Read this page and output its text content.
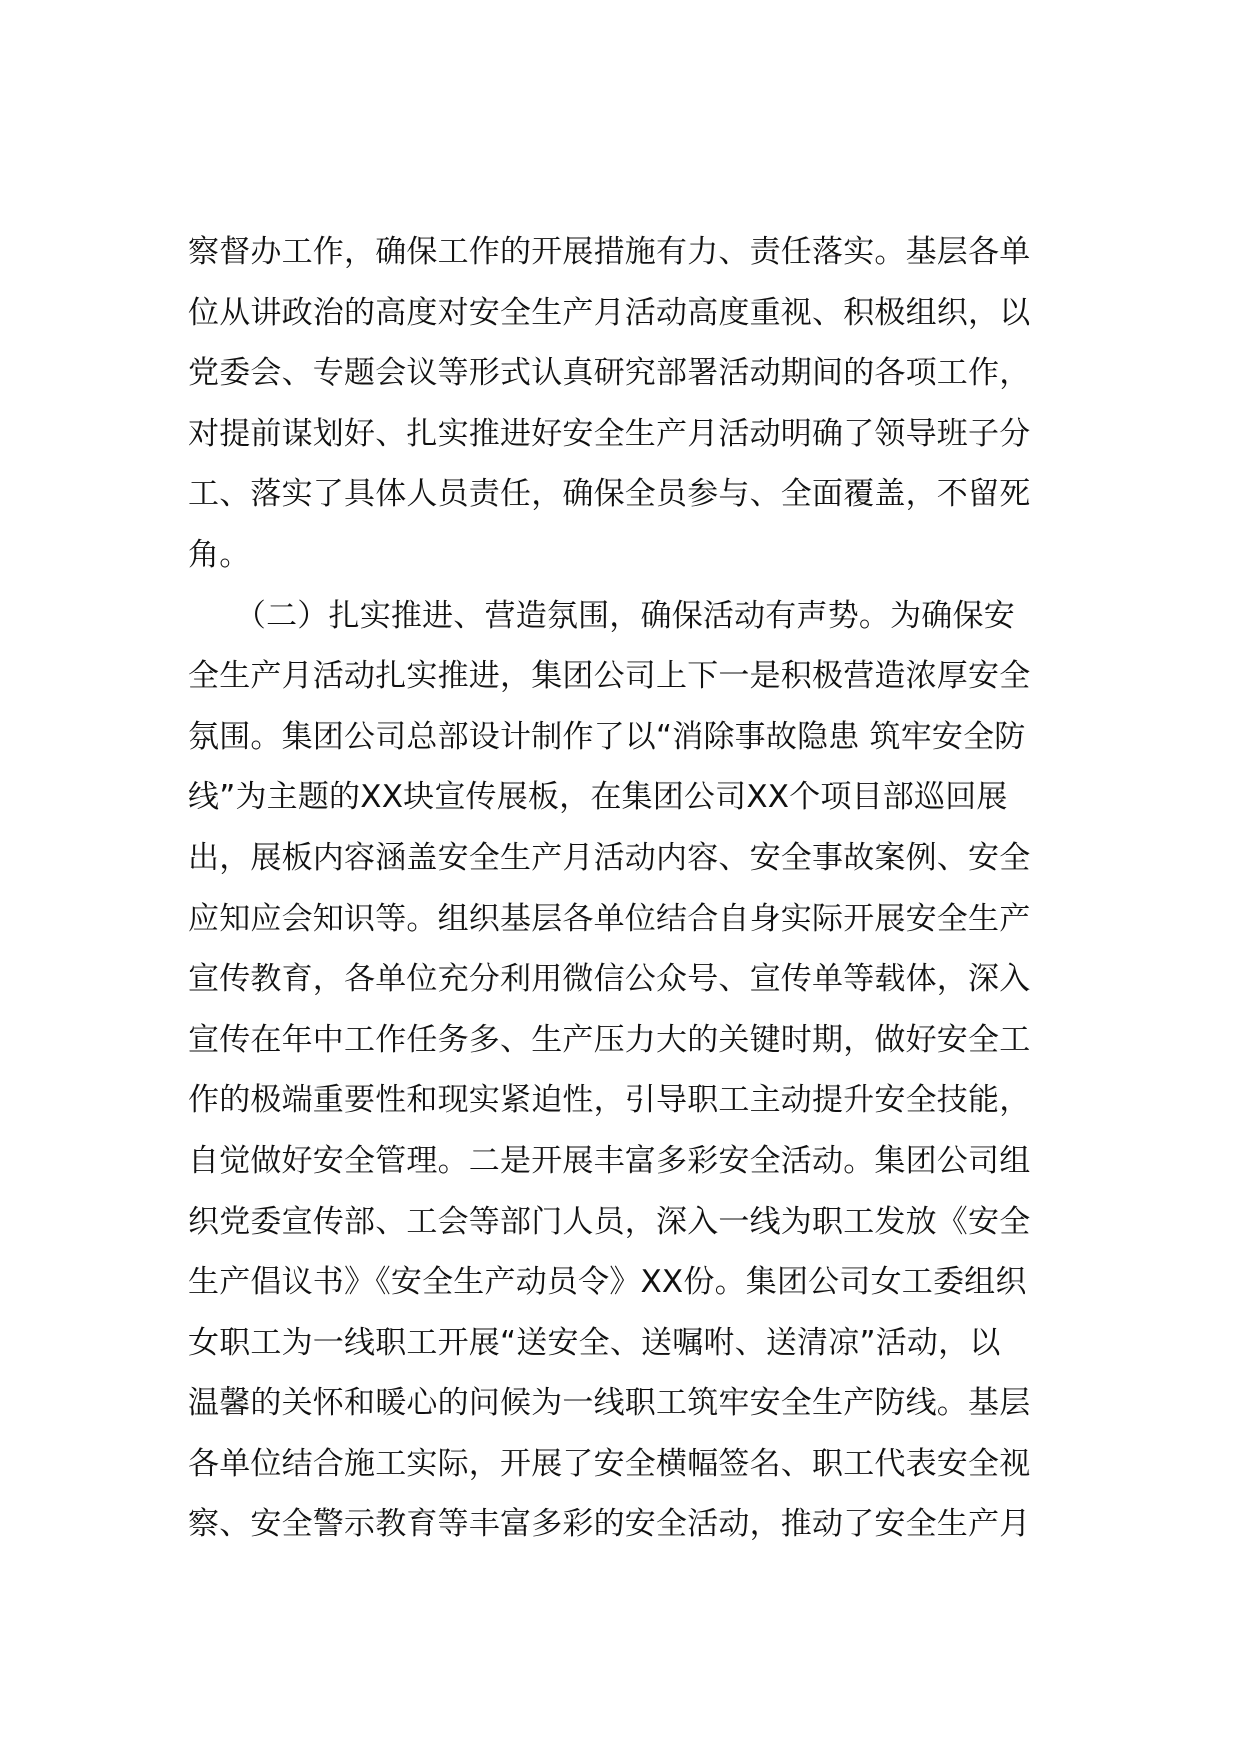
察督办工作，确保工作的开展措施有力、责任落实。基层各单
位从讲政治的高度对安全生产月活动高度重视、积极组织，以
党委会、专题会议等形式认真研究部署活动期间的各项工作，
对提前谋划好、扎实推进好安全生产月活动明确了领导班子分
工、落实了具体人员责任，确保全员参与、全面覆盖，不留死
角。
　　（二）扎实推进、营造氛围，确保活动有声势。为确保安
全生产月活动扎实推进，集团公司上下一是积极营造浓厚安全
氛围。集团公司总部设计制作了以“消除事故隐患 筑牢安全防
线”为主题的XX块宣传展板，在集团公司XX个项目部巡回展
出，展板内容涵盖安全生产月活动内容、安全事故案例、安全
应知应会知识等。组织基层各单位结合自身实际开展安全生产
宣传教育，各单位充分利用微信公众号、宣传单等载体，深入
宣传在年中工作任务多、生产压力大的关键时期，做好安全工
作的极端重要性和现实紧迫性，引导职工主动提升安全技能，
自觉做好安全管理。二是开展丰富多彩安全活动。集团公司组
织党委宣传部、工会等部门人员，深入一线为职工发放《安全
生产倡议书》《安全生产动员令》XX份。集团公司女工委组织
女职工为一线职工开展“送安全、送嘱咐、送清凉”活动，以
温馨的关怀和暖心的问候为一线职工筑牢安全生产防线。基层
各单位结合施工实际，开展了安全横幅签名、职工代表安全视
察、安全警示教育等丰富多彩的安全活动，推动了安全生产月
